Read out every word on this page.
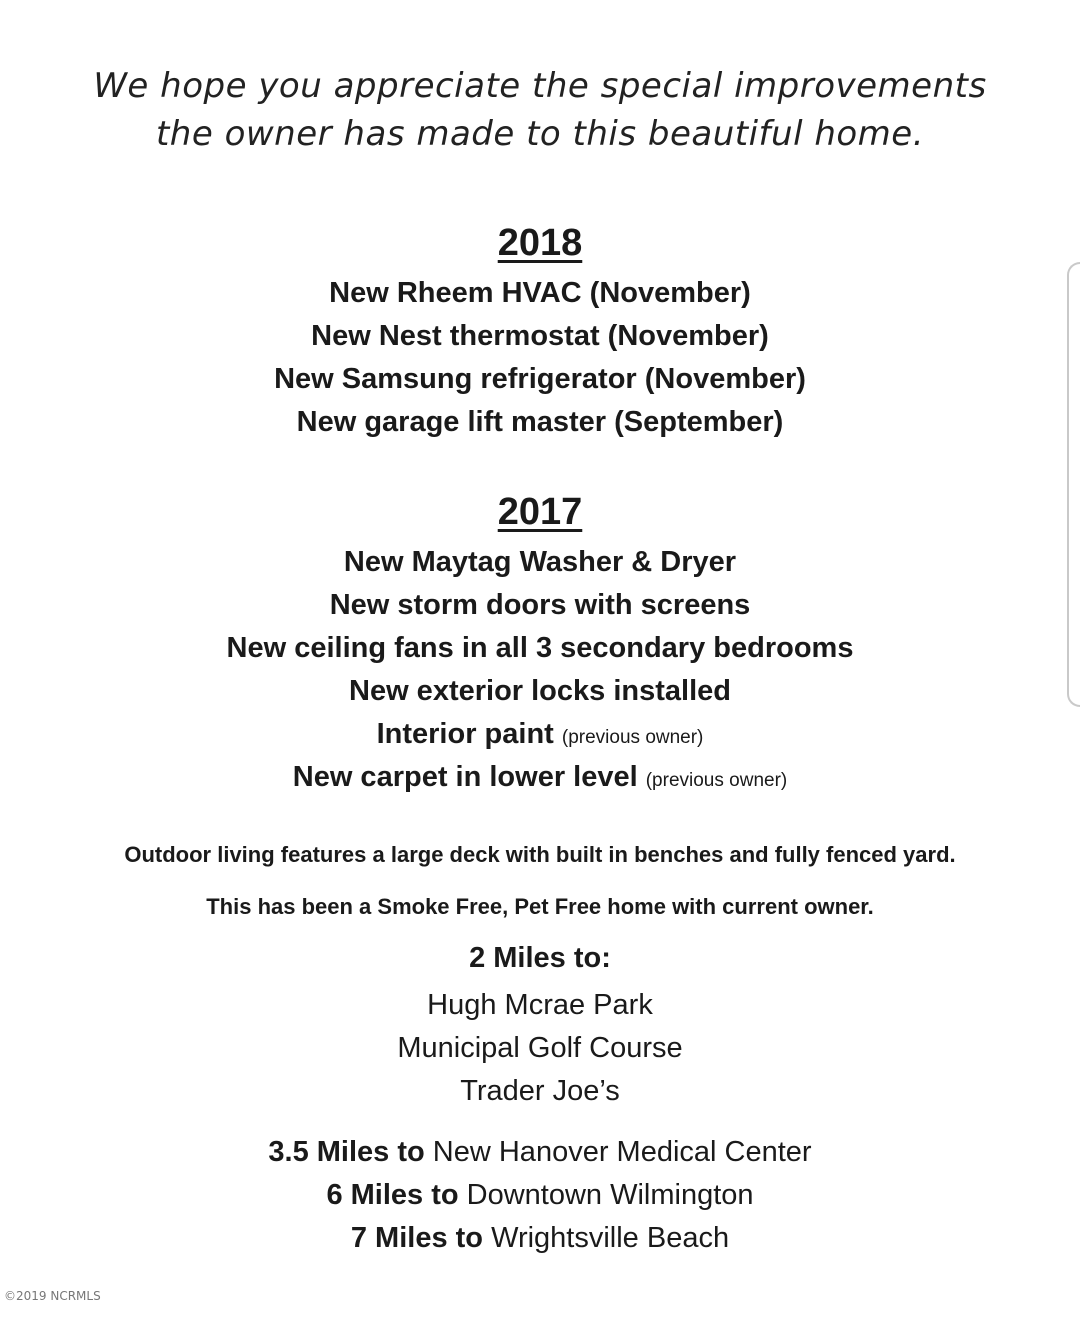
We hope you appreciate the special improvements
the owner has made to this beautiful home.
2018
New Rheem HVAC (November)
New Nest thermostat (November)
New Samsung refrigerator (November)
New garage lift master (September)
2017
New Maytag Washer & Dryer
New storm doors with screens
New ceiling fans in all 3 secondary bedrooms
New exterior locks installed
Interior paint (previous owner)
New carpet in lower level (previous owner)
Outdoor living features a large deck with built in benches and fully fenced yard.
This has been a Smoke Free, Pet Free home with current owner.
2 Miles to:
Hugh Mcrae Park
Municipal Golf Course
Trader Joe’s
3.5 Miles to New Hanover Medical Center
6 Miles to Downtown Wilmington
7 Miles to Wrightsville Beach
©2019 NCRMLS
